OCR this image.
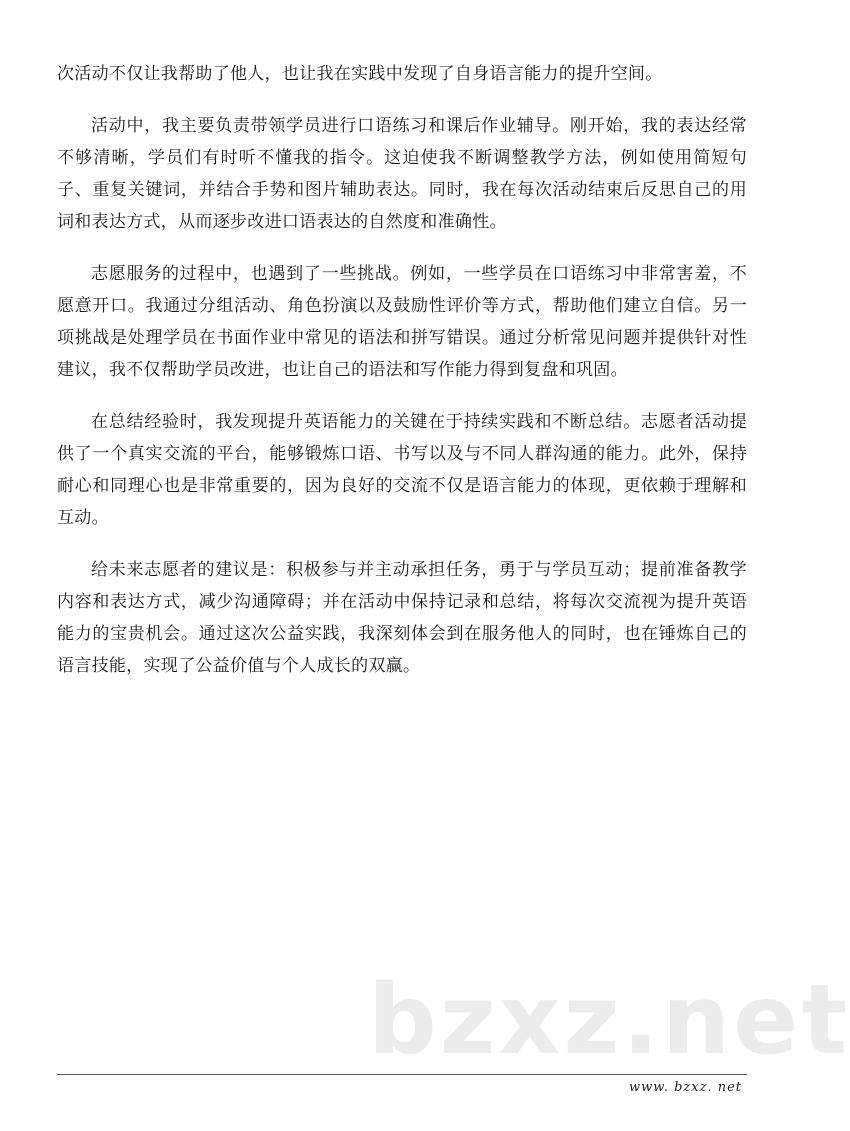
次活动不仅让我帮助了他人，也让我在实践中发现了自身语言能力的提升空间。

活动中，我主要负责带领学员进行口语练习和课后作业辅导。刚开始，我的表达经常不够清晰，学员们有时听不懂我的指令。这迫使我不断调整教学方法，例如使用简短句子、重复关键词，并结合手势和图片辅助表达。同时，我在每次活动结束后反思自己的用词和表达方式，从而逐步改进口语表达的自然度和准确性。

志愿服务的过程中，也遇到了一些挑战。例如，一些学员在口语练习中非常害羞，不愿意开口。我通过分组活动、角色扮演以及鼓励性评价等方式，帮助他们建立自信。另一项挑战是处理学员在书面作业中常见的语法和拼写错误。通过分析常见问题并提供针对性建议，我不仅帮助学员改进，也让自己的语法和写作能力得到复盘和巩固。

在总结经验时，我发现提升英语能力的关键在于持续实践和不断总结。志愿者活动提供了一个真实交流的平台，能够锻炼口语、书写以及与不同人群沟通的能力。此外，保持耐心和同理心也是非常重要的，因为良好的交流不仅是语言能力的体现，更依赖于理解和互动。

给未来志愿者的建议是：积极参与并主动承担任务，勇于与学员互动；提前准备教学内容和表达方式，减少沟通障碍；并在活动中保持记录和总结，将每次交流视为提升英语能力的宝贵机会。通过这次公益实践，我深刻体会到在服务他人的同时，也在锤炼自己的语言技能，实现了公益价值与个人成长的双赢。

bzxz.net
www. bzxz. net
